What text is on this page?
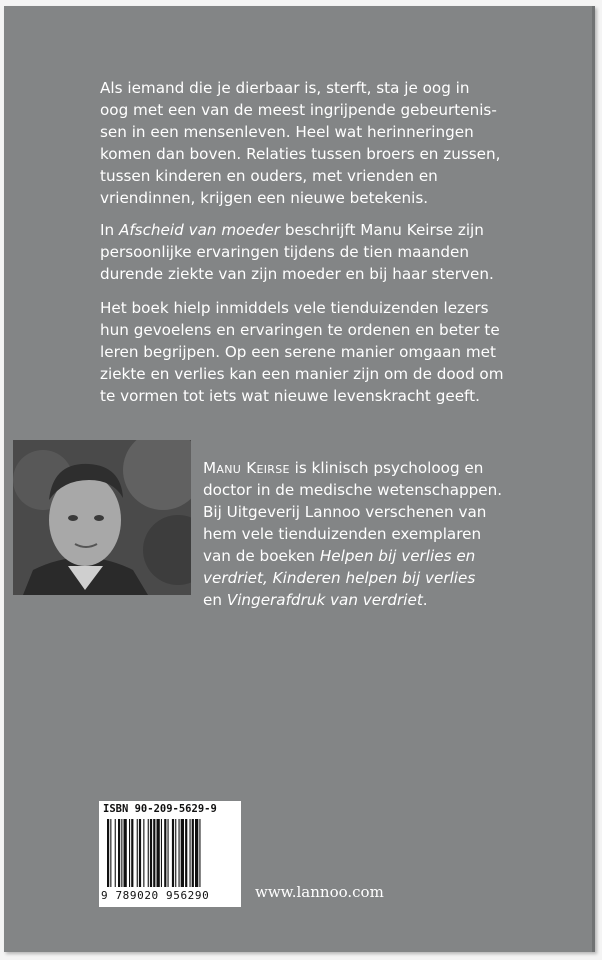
Als iemand die je dierbaar is, sterft, sta je oog in
oog met een van de meest ingrijpende gebeurtenis-
sen in een mensenleven. Heel wat herinneringen
komen dan boven. Relaties tussen broers en zussen,
tussen kinderen en ouders, met vrienden en
vriendinnen, krijgen een nieuwe betekenis.
In Afscheid van moeder beschrijft Manu Keirse zijn
persoonlijke ervaringen tijdens de tien maanden
durende ziekte van zijn moeder en bij haar sterven.
Het boek hielp inmiddels vele tienduizenden lezers
hun gevoelens en ervaringen te ordenen en beter te
leren begrijpen. Op een serene manier omgaan met
ziekte en verlies kan een manier zijn om de dood om
te vormen tot iets wat nieuwe levenskracht geeft.
Manu Keirse is klinisch psycholoog en
doctor in de medische wetenschappen.
Bij Uitgeverij Lannoo verschenen van
hem vele tienduizenden exemplaren
van de boeken Helpen bij verlies en
verdriet, Kinderen helpen bij verlies
en Vingerafdruk van verdriet.
ISBN 90-209-5629-9
9 789020 956290	www.lannoo.com
